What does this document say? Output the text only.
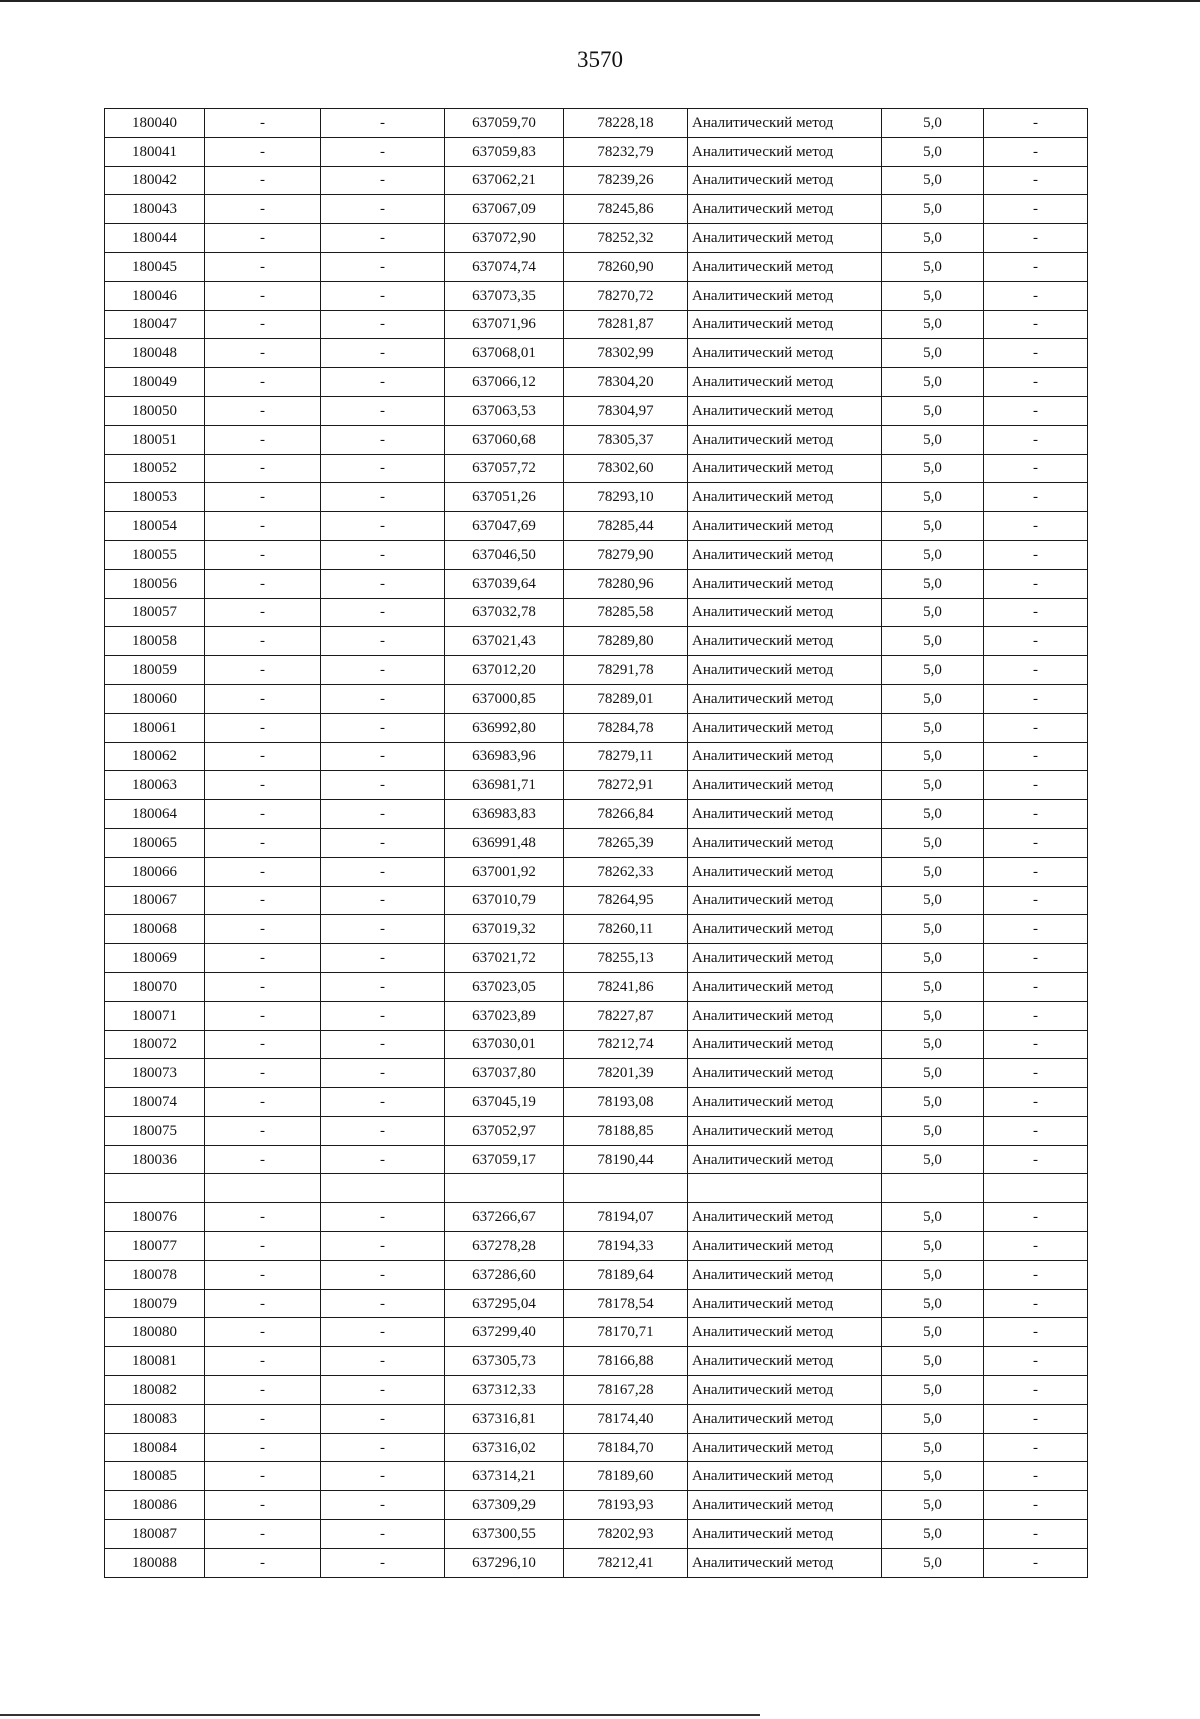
3570
180040	-	-	637059,70	78228,18	Аналитический метод	5,0	-
180041	-	-	637059,83	78232,79	Аналитический метод	5,0	-
180042	-	-	637062,21	78239,26	Аналитический метод	5,0	-
180043	-	-	637067,09	78245,86	Аналитический метод	5,0	-
180044	-	-	637072,90	78252,32	Аналитический метод	5,0	-
180045	-	-	637074,74	78260,90	Аналитический метод	5,0	-
180046	-	-	637073,35	78270,72	Аналитический метод	5,0	-
180047	-	-	637071,96	78281,87	Аналитический метод	5,0	-
180048	-	-	637068,01	78302,99	Аналитический метод	5,0	-
180049	-	-	637066,12	78304,20	Аналитический метод	5,0	-
180050	-	-	637063,53	78304,97	Аналитический метод	5,0	-
180051	-	-	637060,68	78305,37	Аналитический метод	5,0	-
180052	-	-	637057,72	78302,60	Аналитический метод	5,0	-
180053	-	-	637051,26	78293,10	Аналитический метод	5,0	-
180054	-	-	637047,69	78285,44	Аналитический метод	5,0	-
180055	-	-	637046,50	78279,90	Аналитический метод	5,0	-
180056	-	-	637039,64	78280,96	Аналитический метод	5,0	-
180057	-	-	637032,78	78285,58	Аналитический метод	5,0	-
180058	-	-	637021,43	78289,80	Аналитический метод	5,0	-
180059	-	-	637012,20	78291,78	Аналитический метод	5,0	-
180060	-	-	637000,85	78289,01	Аналитический метод	5,0	-
180061	-	-	636992,80	78284,78	Аналитический метод	5,0	-
180062	-	-	636983,96	78279,11	Аналитический метод	5,0	-
180063	-	-	636981,71	78272,91	Аналитический метод	5,0	-
180064	-	-	636983,83	78266,84	Аналитический метод	5,0	-
180065	-	-	636991,48	78265,39	Аналитический метод	5,0	-
180066	-	-	637001,92	78262,33	Аналитический метод	5,0	-
180067	-	-	637010,79	78264,95	Аналитический метод	5,0	-
180068	-	-	637019,32	78260,11	Аналитический метод	5,0	-
180069	-	-	637021,72	78255,13	Аналитический метод	5,0	-
180070	-	-	637023,05	78241,86	Аналитический метод	5,0	-
180071	-	-	637023,89	78227,87	Аналитический метод	5,0	-
180072	-	-	637030,01	78212,74	Аналитический метод	5,0	-
180073	-	-	637037,80	78201,39	Аналитический метод	5,0	-
180074	-	-	637045,19	78193,08	Аналитический метод	5,0	-
180075	-	-	637052,97	78188,85	Аналитический метод	5,0	-
180036	-	-	637059,17	78190,44	Аналитический метод	5,0	-

180076	-	-	637266,67	78194,07	Аналитический метод	5,0	-
180077	-	-	637278,28	78194,33	Аналитический метод	5,0	-
180078	-	-	637286,60	78189,64	Аналитический метод	5,0	-
180079	-	-	637295,04	78178,54	Аналитический метод	5,0	-
180080	-	-	637299,40	78170,71	Аналитический метод	5,0	-
180081	-	-	637305,73	78166,88	Аналитический метод	5,0	-
180082	-	-	637312,33	78167,28	Аналитический метод	5,0	-
180083	-	-	637316,81	78174,40	Аналитический метод	5,0	-
180084	-	-	637316,02	78184,70	Аналитический метод	5,0	-
180085	-	-	637314,21	78189,60	Аналитический метод	5,0	-
180086	-	-	637309,29	78193,93	Аналитический метод	5,0	-
180087	-	-	637300,55	78202,93	Аналитический метод	5,0	-
180088	-	-	637296,10	78212,41	Аналитический метод	5,0	-
